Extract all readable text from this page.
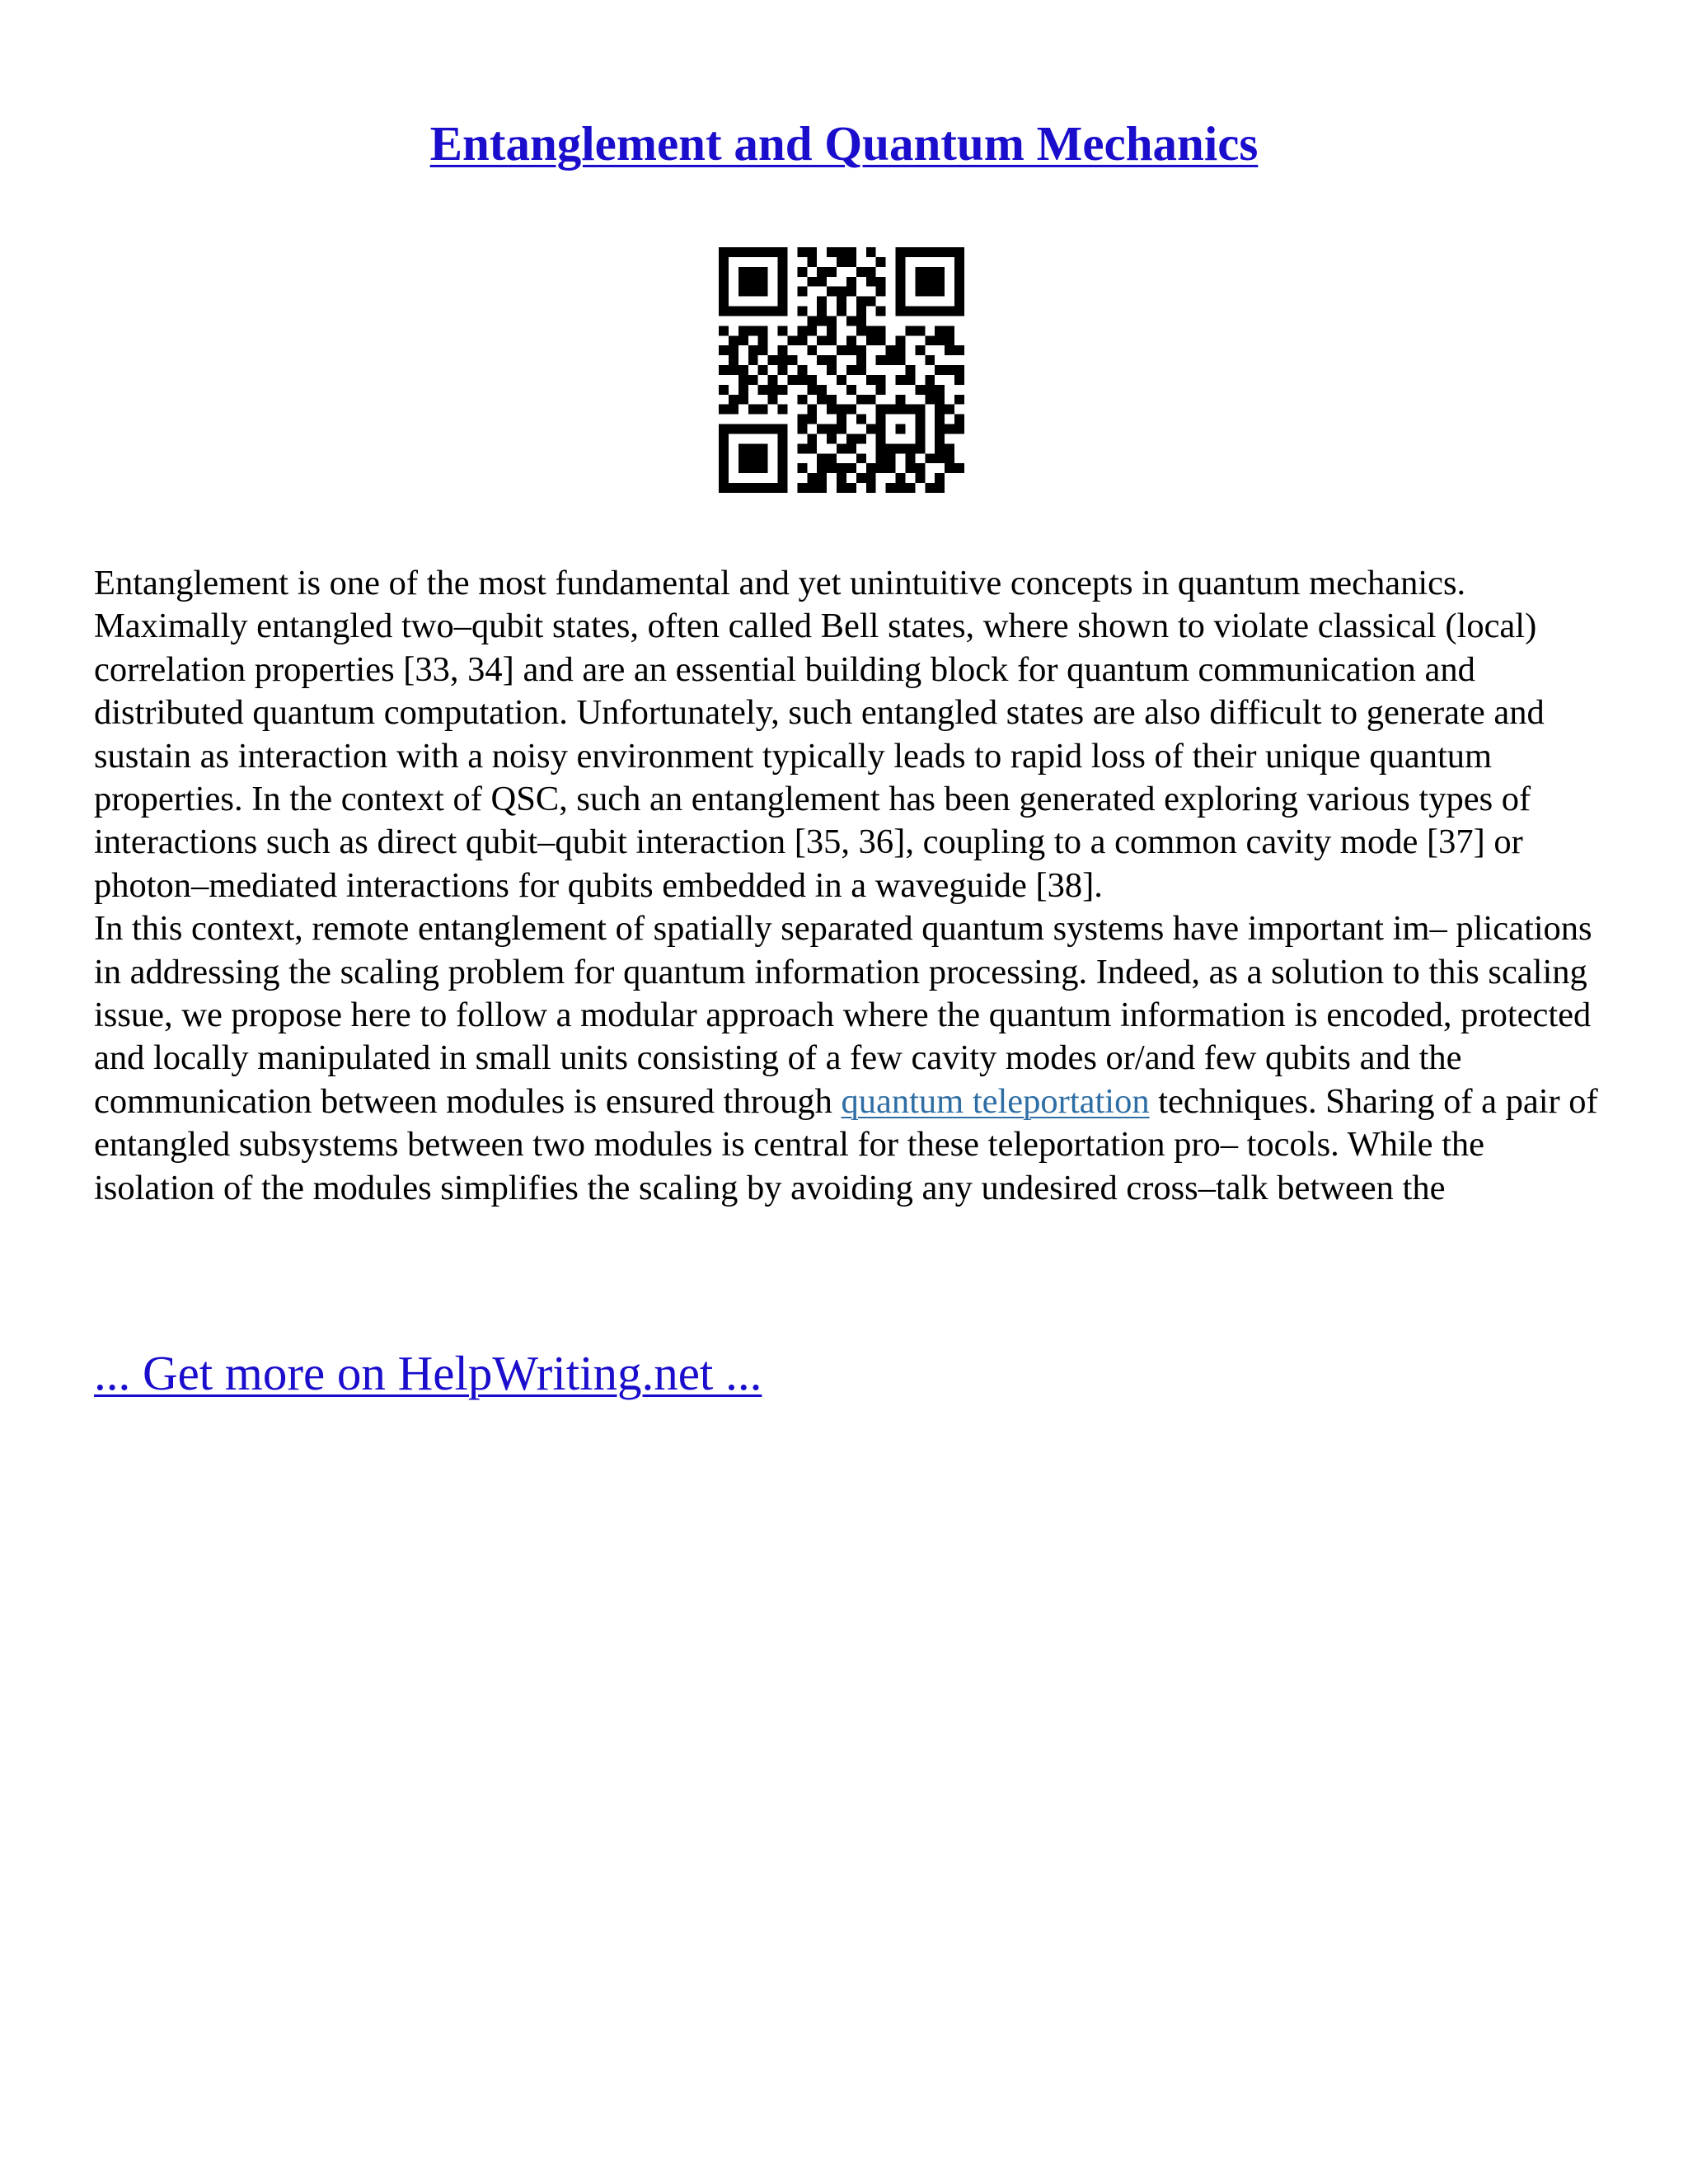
Entanglement and Quantum Mechanics

Entanglement is one of the most fundamental and yet unintuitive concepts in quantum mechanics. Maximally entangled two–qubit states, often called Bell states, where shown to violate classical (local) correlation properties [33, 34] and are an essential building block for quantum communication and distributed quantum computation. Unfortunately, such entangled states are also difficult to generate and sustain as interaction with a noisy environment typically leads to rapid loss of their unique quantum properties. In the context of QSC, such an entanglement has been generated exploring various types of interactions such as direct qubit–qubit interaction [35, 36], coupling to a common cavity mode [37] or photon–mediated interactions for qubits embedded in a waveguide [38].

In this context, remote entanglement of spatially separated quantum systems have important im– plications in addressing the scaling problem for quantum information processing. Indeed, as a solution to this scaling issue, we propose here to follow a modular approach where the quantum information is encoded, protected and locally manipulated in small units consisting of a few cavity modes or/and few qubits and the communication between modules is ensured through quantum teleportation techniques. Sharing of a pair of entangled subsystems between two modules is central for these teleportation pro– tocols. While the isolation of the modules simplifies the scaling by avoiding any undesired cross–talk between the

... Get more on HelpWriting.net ...
